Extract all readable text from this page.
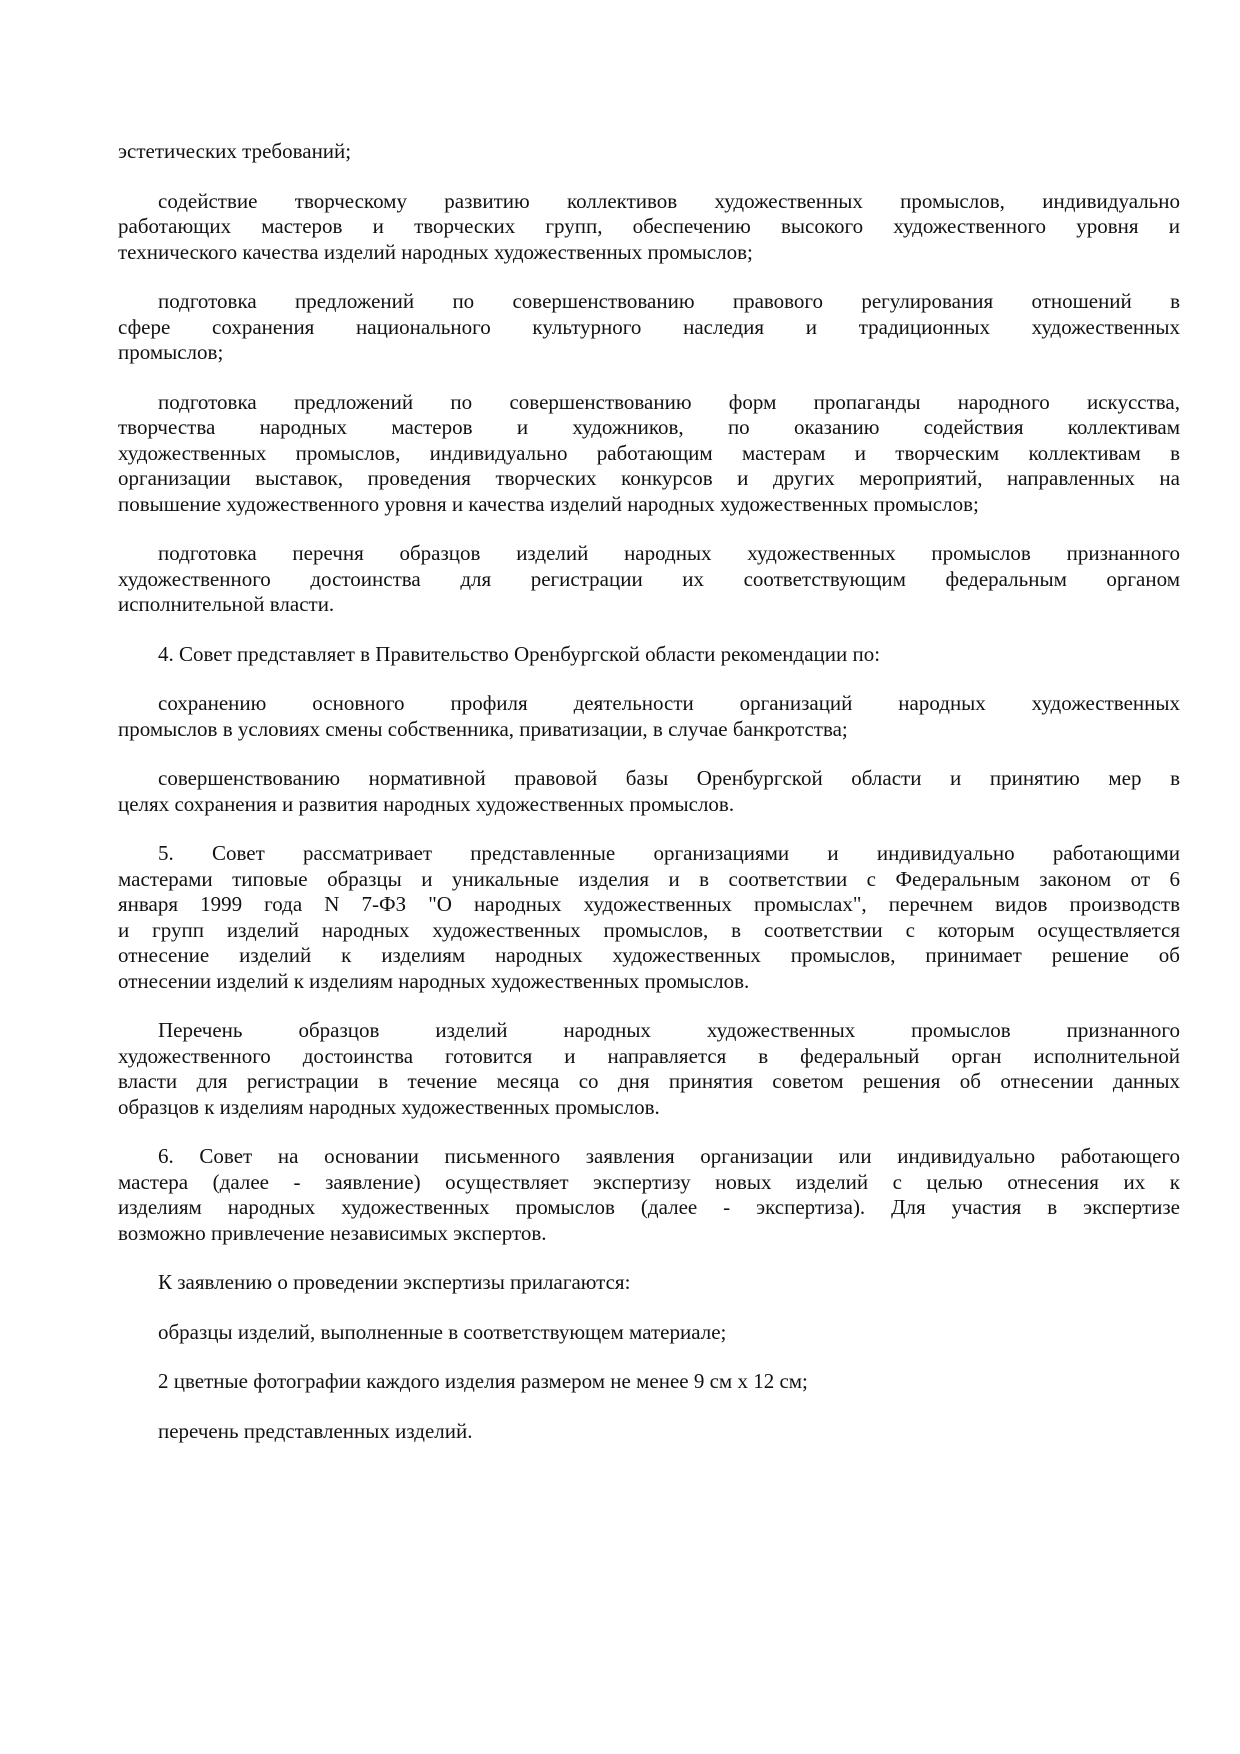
эстетических требований;
содействие творческому развитию коллективов художественных промыслов, индивидуально
работающих мастеров и творческих групп, обеспечению высокого художественного уровня и
технического качества изделий народных художественных промыслов;
подготовка предложений по совершенствованию правового регулирования отношений в
сфере сохранения национального культурного наследия и традиционных художественных
промыслов;
подготовка предложений по совершенствованию форм пропаганды народного искусства,
творчества народных мастеров и художников, по оказанию содействия коллективам
художественных промыслов, индивидуально работающим мастерам и творческим коллективам в
организации выставок, проведения творческих конкурсов и других мероприятий, направленных на
повышение художественного уровня и качества изделий народных художественных промыслов;
подготовка перечня образцов изделий народных художественных промыслов признанного
художественного достоинства для регистрации их соответствующим федеральным органом
исполнительной власти.
4. Совет представляет в Правительство Оренбургской области рекомендации по:
сохранению основного профиля деятельности организаций народных художественных
промыслов в условиях смены собственника, приватизации, в случае банкротства;
совершенствованию нормативной правовой базы Оренбургской области и принятию мер в
целях сохранения и развития народных художественных промыслов.
5. Совет рассматривает представленные организациями и индивидуально работающими
мастерами типовые образцы и уникальные изделия и в соответствии с Федеральным законом от 6
января 1999 года N 7-ФЗ "О народных художественных промыслах", перечнем видов производств
и групп изделий народных художественных промыслов, в соответствии с которым осуществляется
отнесение изделий к изделиям народных художественных промыслов, принимает решение об
отнесении изделий к изделиям народных художественных промыслов.
Перечень образцов изделий народных художественных промыслов признанного
художественного достоинства готовится и направляется в федеральный орган исполнительной
власти для регистрации в течение месяца со дня принятия советом решения об отнесении данных
образцов к изделиям народных художественных промыслов.
6. Совет на основании письменного заявления организации или индивидуально работающего
мастера (далее - заявление) осуществляет экспертизу новых изделий с целью отнесения их к
изделиям народных художественных промыслов (далее - экспертиза). Для участия в экспертизе
возможно привлечение независимых экспертов.
К заявлению о проведении экспертизы прилагаются:
образцы изделий, выполненные в соответствующем материале;
2 цветные фотографии каждого изделия размером не менее 9 см x 12 см;
перечень представленных изделий.
